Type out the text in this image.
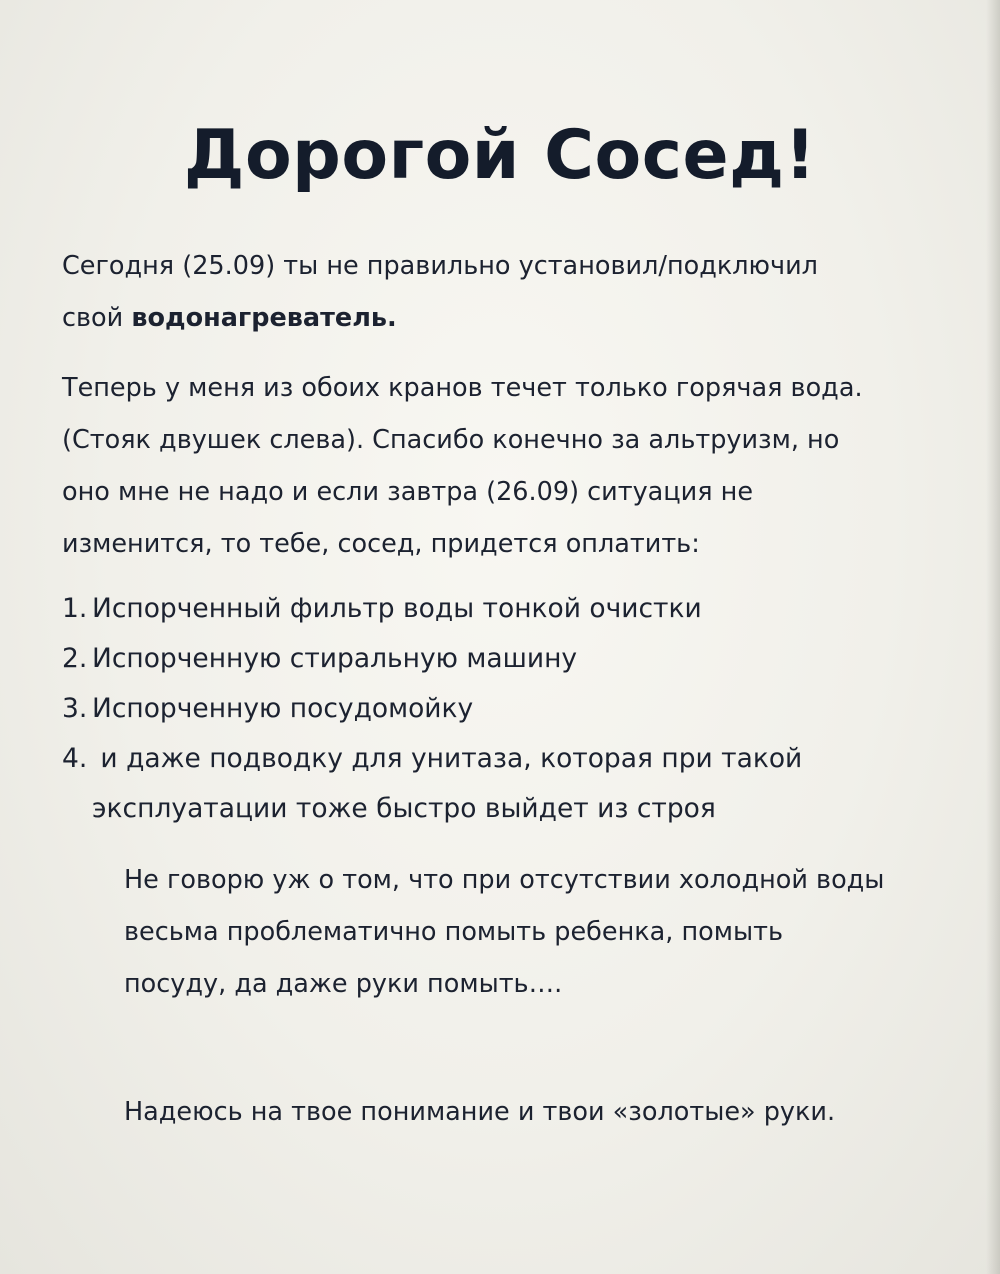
Дорогой Сосед!
Сегодня (25.09) ты не правильно установил/подключил
свой водонагреватель.
Теперь у меня из обоих кранов течет только горячая вода.
(Стояк двушек слева). Спасибо конечно за альтруизм, но
оно мне не надо и если завтра (26.09) ситуация не
изменится, то тебе, сосед, придется оплатить:
1. Испорченный фильтр воды тонкой очистки
2. Испорченную стиральную машину
3. Испорченную посудомойку
4. и даже подводку для унитаза, которая при такой
эксплуатации тоже быстро выйдет из строя
Не говорю уж о том, что при отсутствии холодной воды
весьма проблематично помыть ребенка, помыть
посуду, да даже руки помыть….
Надеюсь на твое понимание и твои «золотые» руки.
